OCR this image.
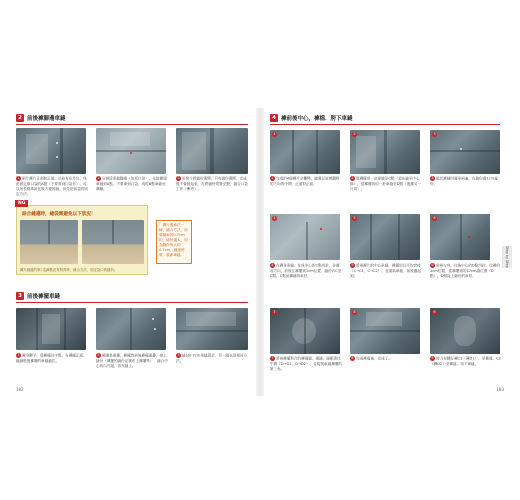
2 前後褲腳邊車縫
1 兩片褲片正面對正面，以前布在外位，珠針固定兩口袋的A點（不要剪到口袋布），可以用長條珠針比較方便固縫，但先把前袋的固定方法。
2 分兩段車縫腳邊（包括口袋），先從褲頭車縫到A點，不要車到口袋，再從B點車縫至褲腳。
3 用熨斗將縫份燙開，只有縫份燙開、完成後不會鼓起來，先將縫份熨燙完整，縫合口袋工作（參考）。
NG
結合縫邊時，縫袋需避免以下狀況！
褲片縫邊的第口袋B點沒有對齊時，縫合方法，固定袋口的縫份。
！褲片邊車法一種，縫合方法，如果漏車的0.7cm的，縫份過大，因為縫份的大約0.7cm，縫邊時將，重新車縫。
3 前後褲擺車縫
1 褲身翻平，從褲擺往中間，在褲擺正面，縫縫股後褲擺的車縫縫位。
2 褲邊是重疊，褲擺的前後褲擺重疊，接上縫份（褲擺的縫份記號布上褲擺等），縫合中心的內外邊，再布縫上。
3 縫份0.7cm車縫固定，另一縫也是相同方法。
182
4 褲前後中心，褲檔．胯下車縫
1	2	3
1 完成的4個褲片全攤開，縫邊以這樣觀察的方向的中間，正面對正面。
2 從褲擺用一針車縫至C點（須先縫至中心線）。從褲擺再用一針車縫至D點（後褲另一片同）。
3 重於褲縫四邊車兩遍，在縫份重1cm處份。
4	5	6
Step by Step
4 在褲身車縫，在後中心的C點用針，往褲前方向，前後左褲擺到1cm位置，縫份內C至C點，C點前褲縫的車好。
5 將兩褲片的中心車縫，褲擺用以平均套接（C→C1，C→C2），並重新車縫，前後疊起到。
6 前兩方向，往後中心的D點用針，往褲的1cm位置，從褲擺到的17cm縫位置（D點），D點接上縫份的車好。
7	8	9
7 將兩褲擺對合的褲襠縫，邊縫，邊順著往中間（D→D1，D→D2），並接著車縫褲擺的第三角。
8 完成褲襠後，完成了。	9 接力布翻好褲C1（褲D1），至褲襠，C2（褲D2）至褲襠，再下車縫。
183
